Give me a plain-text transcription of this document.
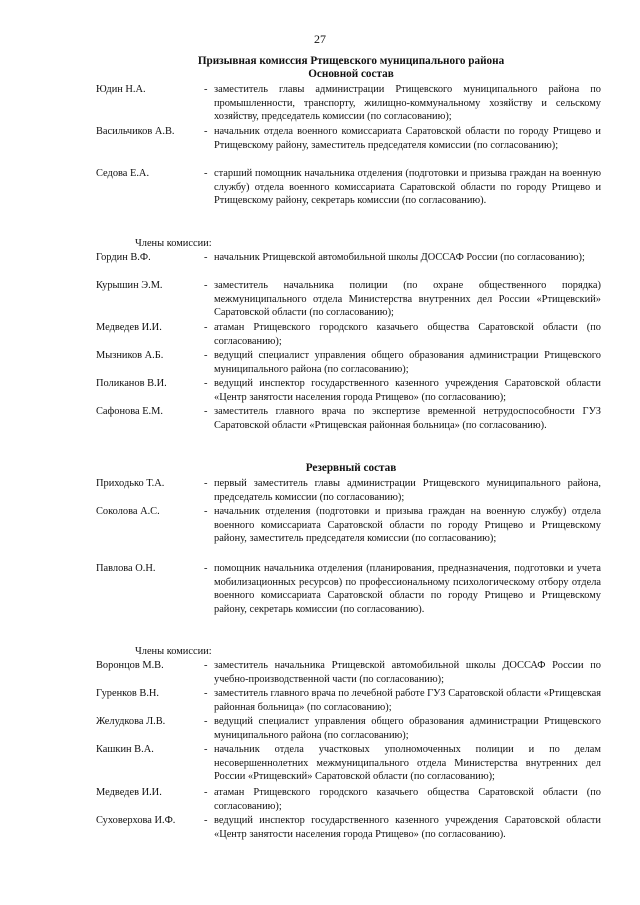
27
Призывная комиссия Ртищевского муниципального района
Основной состав
Юдин Н.А.	- заместитель главы администрации Ртищевского муниципального района по промышленности, транспорту, жилищно-коммунальному хозяйству и сельскому хозяйству, председатель комиссии (по согласованию);
Васильчиков А.В.	- начальник отдела военного комиссариата Саратовской области по городу Ртищево и Ртищевскому району, заместитель председателя комиссии (по согласованию);
Седова Е.А.	- старший помощник начальника отделения (подготовки и призыва граждан на военную службу) отдела военного комиссариата Саратовской области по городу Ртищево и Ртищевскому району, секретарь комиссии (по согласованию).
Члены комиссии:
Гордин В.Ф.	- начальник Ртищевской автомобильной школы ДОССАФ России (по согласованию);
Курышин Э.М.	- заместитель начальника полиции (по охране общественного порядка) межмуниципального отдела Министерства внутренних дел России «Ртищевский» Саратовской области (по согласованию);
Медведев И.И.	- атаман Ртищевского городского казачьего общества Саратовской области (по согласованию);
Мызников А.Б.	- ведущий специалист управления общего образования администрации Ртищевского муниципального района (по согласованию);
Поликанов В.И.	- ведущий инспектор государственного казенного учреждения Саратовской области «Центр занятости населения города Ртищево» (по согласованию);
Сафонова Е.М.	- заместитель главного врача по экспертизе временной нетрудоспособности ГУЗ Саратовской области «Ртищевская районная больница» (по согласованию).
Резервный состав
Приходько Т.А.	- первый заместитель главы администрации Ртищевского муниципального района, председатель комиссии (по согласованию);
Соколова А.С.	- начальник отделения (подготовки и призыва граждан на военную службу) отдела военного комиссариата Саратовской области по городу Ртищево и Ртищевскому району, заместитель председателя комиссии (по согласованию);
Павлова О.Н.	- помощник начальника отделения (планирования, предназначения, подготовки и учета мобилизационных ресурсов) по профессиональному психологическому отбору отдела военного комиссариата Саратовской области по городу Ртищево и Ртищевскому району, секретарь комиссии (по согласованию).
Члены комиссии:
Воронцов М.В.	- заместитель начальника Ртищевской автомобильной школы ДОССАФ России по учебно-производственной части (по согласованию);
Гуренков В.Н.	- заместитель главного врача по лечебной работе ГУЗ Саратовской области «Ртищевская районная больница» (по согласованию);
Желудкова Л.В.	- ведущий специалист управления общего образования администрации Ртищевского муниципального района (по согласованию);
Кашкин В.А.	- начальник отдела участковых уполномоченных полиции и по делам несовершеннолетних межмуниципального отдела Министерства внутренних дел России «Ртищевский» Саратовской области (по согласованию);
Медведев И.И.	- атаман Ртищевского городского казачьего общества Саратовской области (по согласованию);
Суховерхова И.Ф.	- ведущий инспектор государственного казенного учреждения Саратовской области «Центр занятости населения города Ртищево» (по согласованию).
